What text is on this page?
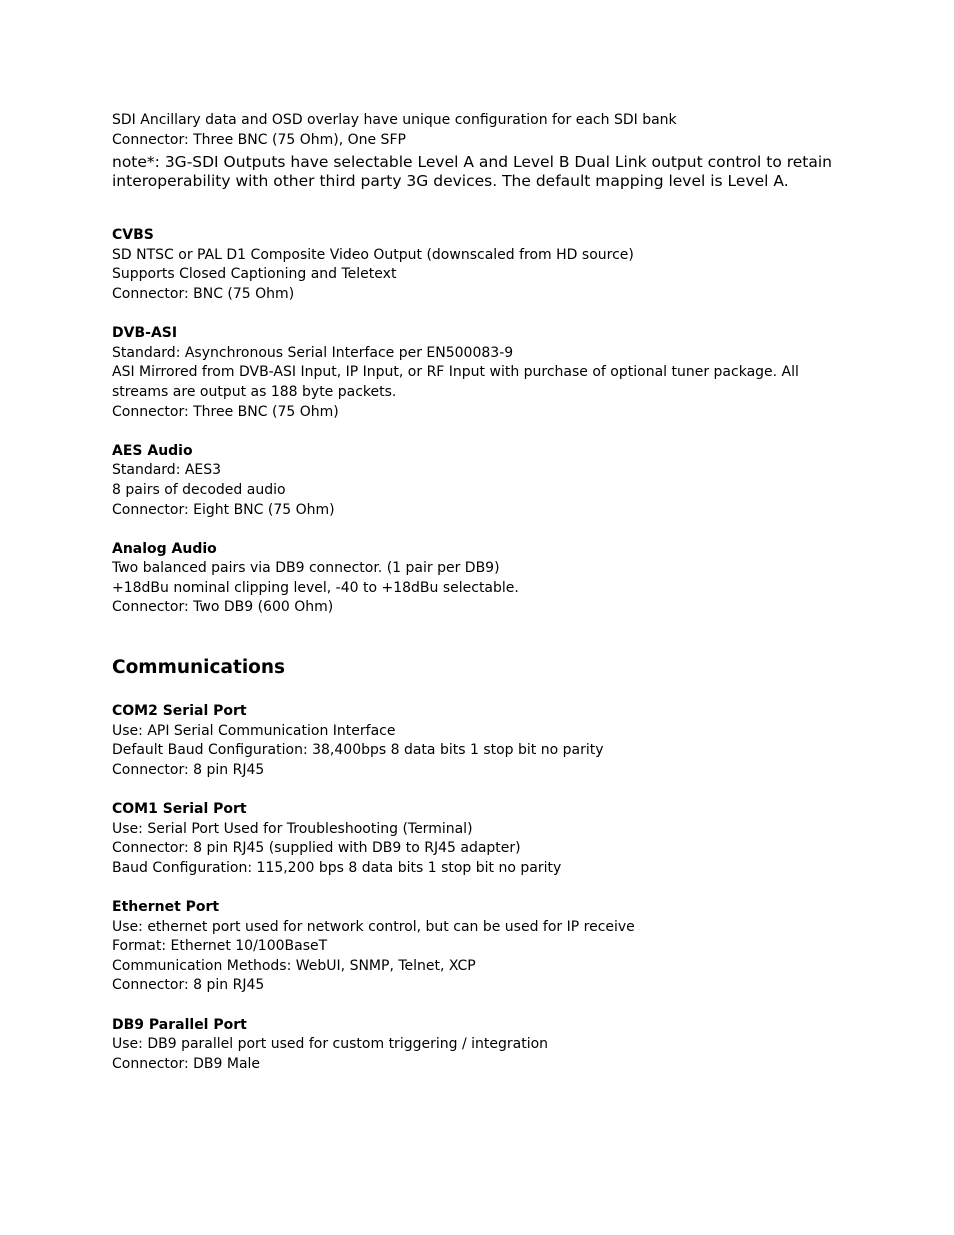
SDI Ancillary data and OSD overlay have unique configuration for each SDI bank
Connector: Three BNC (75 Ohm), One SFP
note*: 3G-SDI Outputs have selectable Level A and Level B Dual Link output control to retain interoperability with other third party 3G devices. The default mapping level is Level A.
CVBS
SD NTSC or PAL D1 Composite Video Output (downscaled from HD source)
Supports Closed Captioning and Teletext
Connector: BNC (75 Ohm)
DVB-ASI
Standard: Asynchronous Serial Interface per EN500083-9
ASI Mirrored from DVB-ASI Input, IP Input, or RF Input with purchase of optional tuner package. All streams are output as 188 byte packets.
Connector: Three BNC (75 Ohm)
AES Audio
Standard: AES3
8 pairs of decoded audio
Connector: Eight BNC (75 Ohm)
Analog Audio
Two balanced pairs via DB9 connector. (1 pair per DB9)
+18dBu nominal clipping level, -40 to +18dBu selectable.
Connector: Two DB9 (600 Ohm)
Communications
COM2 Serial Port
Use: API Serial Communication Interface
Default Baud Configuration: 38,400bps 8 data bits 1 stop bit no parity
Connector: 8 pin RJ45
COM1 Serial Port
Use: Serial Port Used for Troubleshooting (Terminal)
Connector: 8 pin RJ45 (supplied with DB9 to RJ45 adapter)
Baud Configuration: 115,200 bps 8 data bits 1 stop bit no parity
Ethernet Port
Use: ethernet port used for network control, but can be used for IP receive
Format: Ethernet 10/100BaseT
Communication Methods: WebUI, SNMP, Telnet, XCP
Connector: 8 pin RJ45
DB9 Parallel Port
Use: DB9 parallel port used for custom triggering / integration
Connector: DB9 Male
